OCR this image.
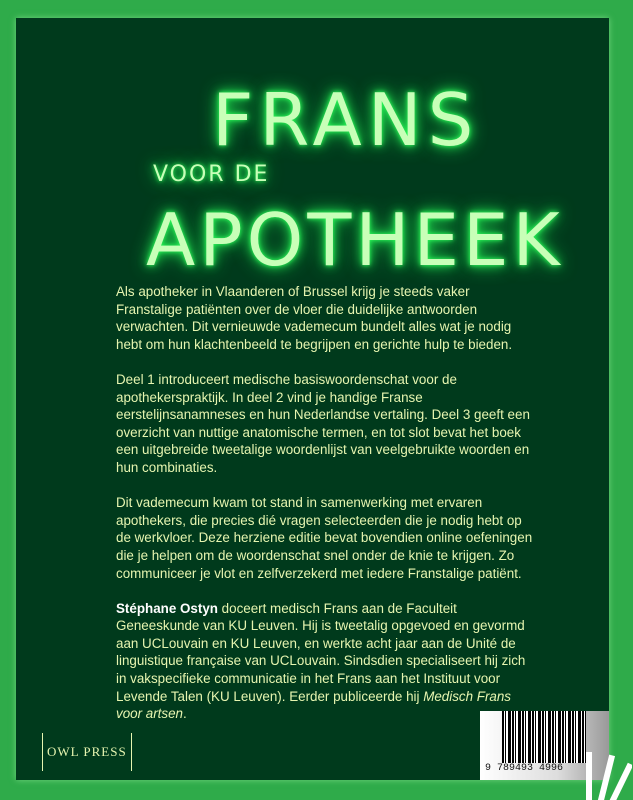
FRANS
VOOR DE
APOTHEEK

Als apotheker in Vlaanderen of Brussel krijg je steeds vaker Franstalige patiënten over de vloer die duidelijke antwoorden verwachten. Dit vernieuwde vademecum bundelt alles wat je nodig hebt om hun klachtenbeeld te begrijpen en gerichte hulp te bieden.

Deel 1 introduceert medische basiswoordenschat voor de apothekerspraktijk. In deel 2 vind je handige Franse eerstelijnsanamneses en hun Nederlandse vertaling. Deel 3 geeft een overzicht van nuttige anatomische termen, en tot slot bevat het boek een uitgebreide tweetalige woordenlijst van veelgebruikte woorden en hun combinaties.

Dit vademecum kwam tot stand in samenwerking met ervaren apothekers, die precies dié vragen selecteerden die je nodig hebt op de werkvloer. Deze herziene editie bevat bovendien online oefeningen die je helpen om de woordenschat snel onder de knie te krijgen. Zo communiceer je vlot en zelfverzekerd met iedere Franstalige patiënt.

Stéphane Ostyn doceert medisch Frans aan de Faculteit Geneeskunde van KU Leuven. Hij is tweetalig opgevoed en gevormd aan UCLouvain en KU Leuven, en werkte acht jaar aan de Unité de linguistique française van UCLouvain. Sindsdien specialiseert hij zich in vakspecifieke communicatie in het Frans aan het Instituut voor Levende Talen (KU Leuven). Eerder publiceerde hij Medisch Frans voor artsen.

OWL PRESS
9 789493 4996
